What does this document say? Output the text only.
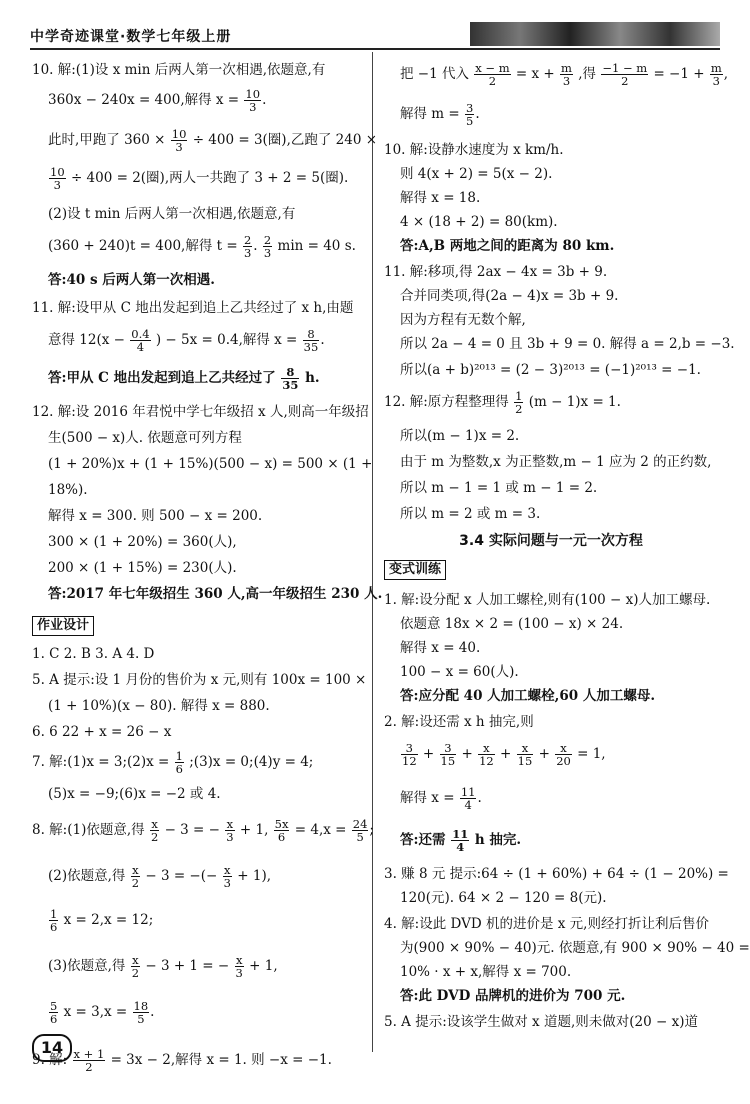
中学奇迹课堂·数学七年级上册
10. 解:(1)设 x min 后两人第一次相遇,依题意,有
360x − 240x = 400,解得 $x = \frac{10}{3}$ .
此时,甲跑了 $360 \times \frac{10}{3} \div 400 = 3$(圈),乙跑了 240 ×
$\frac{10}{3} \div 400 = 2$(圈),两人一共跑了 3 + 2 = 5(圈).
(2)设 t min 后两人第一次相遇,依题意,有
(360 + 240)t = 400,解得 $t = \frac{2}{3}$ . $\frac{2}{3}$ min = 40 s.
答:40 s 后两人第一次相遇.
11. 解:设甲从 C 地出发起到追上乙共经过了 x h,由题
意得 $12(x - \frac{0.4}{4}$ ) − 5x = 0.4,解得 $x = \frac{8}{35}$ .
答:甲从 C 地出发起到追上乙共经过了 $\frac{8}{35} h$.
12. 解:设 2016 年君悦中学七年级招 x 人,则高一年级招
生(500 − x)人. 依题意可列方程
(1 + 20%)x + (1 + 15%)(500 − x) = 500 × (1 +
18%).
解得 x = 300. 则 500 − x = 200.
300 × (1 + 20%) = 360(人),
200 × (1 + 15%) = 230(人).
答:2017 年七年级招生 360 人,高一年级招生 230 人.
作业设计
1. C 2. B 3. A 4. D
5. A 提示:设 1 月份的售价为 x 元,则有 100x = 100 ×
(1 + 10%)(x − 80). 解得 x = 880.
6. 6 22 + x = 26 − x
7. 解:(1)x = 3;(2)x = $\frac{1}{6}$ ;(3)x = 0;(4)y = 4;
(5)x = −9;(6)x = −2 或 4.
8. 解:(1)依题意,得 $\frac{x}{2} - 3$ = − $\frac{x}{3} + 1$, $\frac{5x}{6} = 4,x = \frac{24}{5}$ ;
(2)依题意,得 $\frac{x}{2} - 3$ = −(− $\frac{x}{3} + 1$),
$\frac{1}{6}$ x = 2,x = 12;
(3)依题意,得 $\frac{x}{2} - 3 + 1$ = − $\frac{x}{3} + 1$,
$\frac{5}{6}$ $x = 3,x = \frac{18}{5}$ .
9. 解: $\frac{x + 1}{2} = 3x - 2$,解得 x = 1. 则 −x = −1.
把 −1 代入 $\frac{x - m}{2} = x + \frac{m}{3}$ ,得 $\frac{-1 - m}{2} = -1 + \frac{m}{3}$ ,
解得 $m = \frac{3}{5}$ .
10. 解:设静水速度为 x km/h.
则 4(x + 2) = 5(x − 2).
解得 x = 18.
4 × (18 + 2) = 80(km).
答:A,B 两地之间的距离为 80 km.
11. 解:移项,得 2ax − 4x = 3b + 9.
合并同类项,得(2a − 4)x = 3b + 9.
因为方程有无数个解,
所以 2a − 4 = 0 且 3b + 9 = 0. 解得 a = 2,b = −3.
所以(a + b)²⁰¹³ = (2 − 3)²⁰¹³ = (−1)²⁰¹³ = −1.
12. 解:原方程整理得 $\frac{1}{2} (m - 1)x = 1$.
所以(m − 1)x = 2.
由于 m 为整数,x 为正整数,m − 1 应为 2 的正约数,
所以 m − 1 = 1 或 m − 1 = 2.
所以 m = 2 或 m = 3.
3.4 实际问题与一元一次方程
变式训练
1. 解:设分配 x 人加工螺栓,则有(100 − x)人加工螺母.
依题意 18x × 2 = (100 − x) × 24.
解得 x = 40.
100 − x = 60(人).
答:应分配 40 人加工螺栓,60 人加工螺母.
2. 解:设还需 x h 抽完,则
$\frac{3}{12} + \frac{3}{15} + \frac{x}{12} + \frac{x}{15} + \frac{x}{20} = 1$,
解得 $x = \frac{11}{4}$ .
答:还需 $\frac{11}{4}$ h 抽完.
3. 赚 8 元 提示:64 ÷ (1 + 60%) + 64 ÷ (1 − 20%) =
120(元). 64 × 2 − 120 = 8(元).
4. 解:设此 DVD 机的进价是 x 元,则经打折让利后售价
为(900 × 90% − 40)元. 依题意,有 900 × 90% − 40 =
10% · x + x,解得 x = 700.
答:此 DVD 品牌机的进价为 700 元.
5. A 提示:设该学生做对 x 道题,则未做对(20 − x)道
14
